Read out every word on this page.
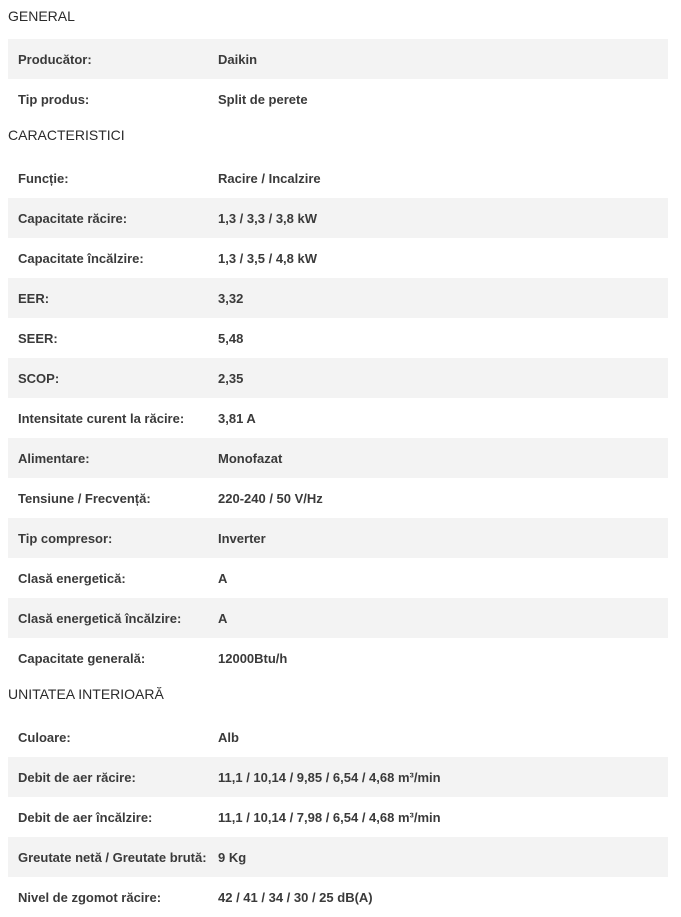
GENERAL
Producător:	Daikin
Tip produs:	Split de perete
CARACTERISTICI
Funcție:	Racire / Incalzire
Capacitate răcire:	1,3 / 3,3 / 3,8 kW
Capacitate încălzire:	1,3 / 3,5 / 4,8 kW
EER:	3,32
SEER:	5,48
SCOP:	2,35
Intensitate curent la răcire:	3,81 A
Alimentare:	Monofazat
Tensiune / Frecvență:	220-240 / 50 V/Hz
Tip compresor:	Inverter
Clasă energetică:	A
Clasă energetică încălzire:	A
Capacitate generală:	12000Btu/h
UNITATEA INTERIOARĂ
Culoare:	Alb
Debit de aer răcire:	11,1 / 10,14 / 9,85 / 6,54 / 4,68 m³/min
Debit de aer încălzire:	11,1 / 10,14 / 7,98 / 6,54 / 4,68 m³/min
Greutate netă / Greutate brută: 9 Kg
Nivel de zgomot răcire:	42 / 41 / 34 / 30 / 25 dB(A)
